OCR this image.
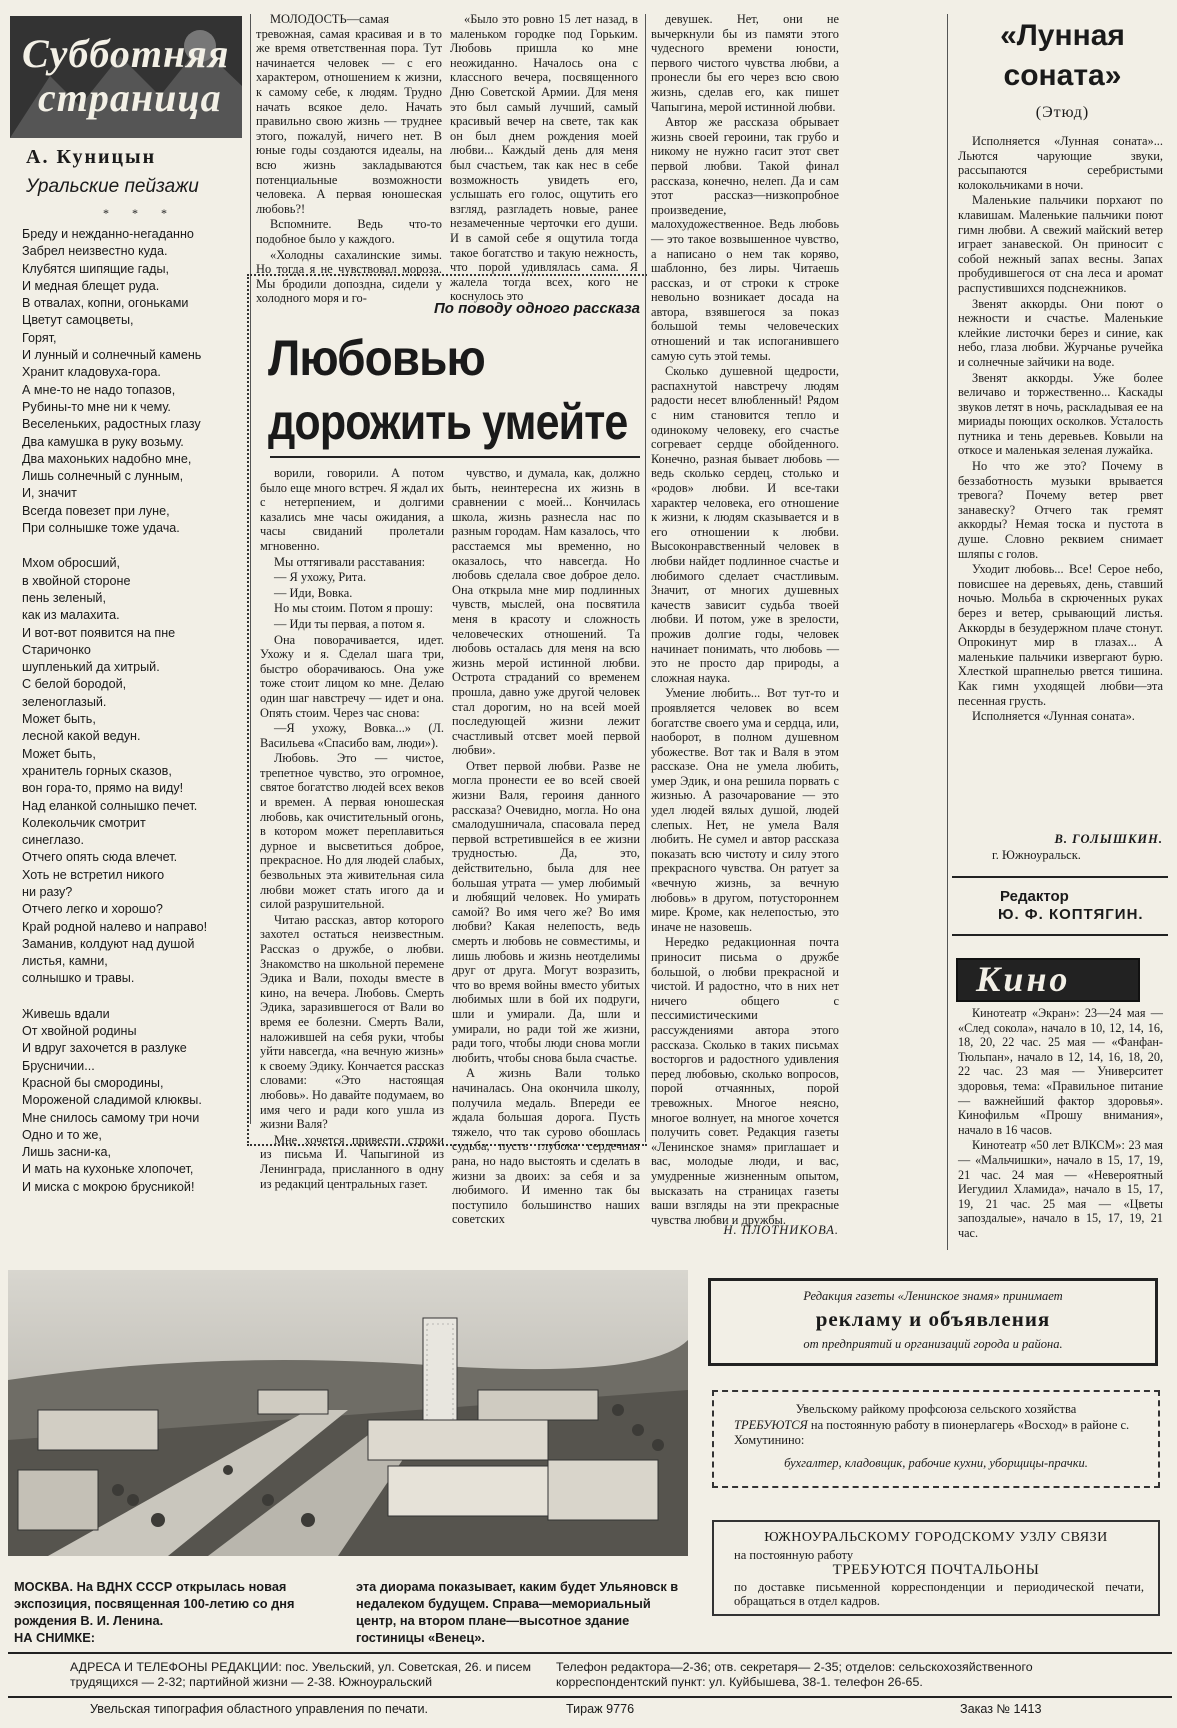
Субботняя
страница
А. Куницын
Уральские пейзажи
* * *
Бреду и нежданно-негаданно
Забрел неизвестно куда.
Клубятся шипящие гады,
И медная блещет руда.
В отвалах, копни, огоньками
Цветут самоцветы,
Горят,
И лунный и солнечный камень
Хранит кладовуха-гора.
А мне-то не надо топазов,
Рубины-то мне ни к чему.
Веселеньких, радостных глазу
Два камушка в руку возьму.
Два махоньких надобно мне,
Лишь солнечный с лунным,
И, значит
Всегда повезет при луне,
При солнышке тоже удача.
Мхом обросший,
в хвойной стороне
пень зеленый,
как из малахита.
И вот-вот появится на пне
Старичонко
шупленький да хитрый.
С белой бородой,
зеленоглазый.
Может быть,
лесной какой ведун.
Может быть,
хранитель горных сказов,
вон гора-то, прямо на виду!
Над еланкой солнышко печет.
Колекольчик смотрит
синеглазо.
Отчего опять сюда влечет.
Хоть не встретил никого
ни разу?
Отчего легко и хорошо?
Край родной налево и направо!
Заманив, колдуют над душой
листья, камни,
солнышко и травы.
Живешь вдали
От хвойной родины
И вдруг захочется в разлуке
Брусничии...
Красной бы смородины,
Мороженой сладимой клюквы.
Мне снилось самому три ночи
Одно и то же,
Лишь засни-ка,
И мать на кухоньке хлопочет,
И миска с мокрою брусникой!

МОЛОДОСТЬ—самая тревожная, самая красивая и в то же время ответственная пора. Тут начинается человек — с его характером, отношением к жизни, к самому себе, к людям. Трудно начать всякое дело. Начать правильно свою жизнь — труднее этого, пожалуй, ничего нет. В юные годы создаются идеалы, на всю жизнь закладываются потенциальные возможности человека. А первая юношеская любовь?!

Вспомните. Ведь что-то подобное было у каждого.

«Холодны сахалинские зимы. Но тогда я не чувствовал мороза. Мы бродили допоздна, сидели у холодного моря и го-

«Было это ровно 15 лет назад, в маленьком городке под Горьким. Любовь пришла ко мне неожиданно. Началось она с классного вечера, посвященного Дню Советской Армии. Для меня это был самый лучший, самый красивый вечер на свете, так как он был днем рождения моей любви... Каждый день для меня был счастьем, так как нес в себе возможность увидеть его, услышать его голос, ощутить его взгляд, разгладеть новые, ранее незамеченные черточки его души. И в самой себе я ощутила тогда такое богатство и такую нежность, что порой удивлялась сама. Я жалела тогда всех, кого не коснулось это

По поводу одного рассказа
Любовью
дорожить умейте

ворили, говорили. А потом было еще много встреч. Я ждал их с нетерпением, и долгими казались мне часы ожидания, а часы свиданий пролетали мгновенно.

Мы оттягивали расставания:

— Я ухожу, Рита.

— Иди, Вовка.

Но мы стоим. Потом я прошу:

— Иди ты первая, а потом я.

Она поворачивается, идет. Ухожу и я. Сделал шага три, быстро оборачиваюсь. Она уже тоже стоит лицом ко мне. Делаю один шаг навстречу — идет и она. Опять стоим. Через час снова:

—Я ухожу, Вовка...» (Л. Васильева «Спасибо вам, люди»).

Любовь. Это — чистое, трепетное чувство, это огромное, святое богатство людей всех веков и времен. А первая юношеская любовь, как очистительный огонь, в котором может переплавиться дурное и высветиться доброе, прекрасное. Но для людей слабых, безвольных эта живительная сила любви может стать игого да и силой разрушительной.

Читаю рассказ, автор которого захотел остаться неизвестным. Рассказ о дружбе, о любви. Знакомство на школьной перемене Эдика и Вали, походы вместе в кино, на вечера. Любовь. Смерть Эдика, заразившегося от Вали во время ее болезни. Смерть Вали, наложившей на себя руки, чтобы уйти навсегда, «на вечную жизнь» к своему Эдику. Кончается рассказ словами: «Это настоящая любовь». Но давайте подумаем, во имя чего и ради кого ушла из жизни Валя?

Мне хочется привести строки из письма И. Чапыгиной из Ленинграда, присланного в одну из редакций центральных газет.

чувство, и думала, как, должно быть, неинтересна их жизнь в сравнении с моей... Кончилась школа, жизнь разнесла нас по разным городам. Нам казалось, что расстаемся мы временно, но оказалось, что навсегда. Но любовь сделала свое доброе дело. Она открыла мне мир подлинных чувств, мыслей, она посвятила меня в красоту и сложность человеческих отношений. Та любовь осталась для меня на всю жизнь мерой истинной любви. Острота страданий со временем прошла, давно уже другой человек стал дорогим, но на всей моей последующей жизни лежит счастливый отсвет моей первой любви».

Ответ первой любви. Разве не могла пронести ее во всей своей жизни Валя, героиня данного рассказа? Очевидно, могла. Но она смалодушничала, спасовала перед первой встретившейся в ее жизни трудностью. Да, это, действительно, была для нее большая утрата — умер любимый и любящий человек. Но умирать самой? Во имя чего же? Во имя любви? Какая нелепость, ведь смерть и любовь не совместимы, и лишь любовь и жизнь неотделимы друг от друга. Могут возразить, что во время войны вместо убитых любимых шли в бой их подруги, шли и умирали. Да, шли и умирали, но ради той же жизни, ради того, чтобы люди снова могли любить, чтобы снова была счастье.

А жизнь Вали только начиналась. Она окончила школу, получила медаль. Впереди ее ждала большая дорога. Пусть тяжело, что так сурово обошлась судьба, пусть глубока сердечная рана, но надо выстоять и сделать в жизни за двоих: за себя и за любимого. И именно так бы поступило большинство наших советских

девушек. Нет, они не вычеркнули бы из памяти этого чудесного времени юности, первого чистого чувства любви, а пронесли бы его через всю свою жизнь, сделав его, как пишет Чапыгина, мерой истинной любви.

Автор же рассказа обрывает жизнь своей героини, так грубо и никому не нужно гасит этот свет первой любви. Такой финал рассказа, конечно, нелеп. Да и сам этот рассказ—низкопробное произведение, малохудожественное. Ведь любовь — это такое возвышенное чувство, а написано о нем так коряво, шаблонно, без лиры. Читаешь рассказ, и от строки к строке невольно возникает досада на автора, взявшегося за показ большой темы человеческих отношений и так испоганившего самую суть этой темы.

Сколько душевной щедрости, распахнутой навстречу людям радости несет влюбленный! Рядом с ним становится тепло и одинокому человеку, его счастье согревает сердце обойденного. Конечно, разная бывает любовь — ведь сколько сердец, столько и «родов» любви. И все-таки характер человека, его отношение к жизни, к людям сказывается и в его отношении к любви. Высоконравственный человек в любви найдет подлинное счастье и любимого сделает счастливым. Значит, от многих душевных качеств зависит судьба твоей любви. И потом, уже в зрелости, прожив долгие годы, человек начинает понимать, что любовь — это не просто дар природы, а сложная наука.

Умение любить... Вот тут-то и проявляется человек во всем богатстве своего ума и сердца, или, наоборот, в полном душевном убожестве. Вот так и Валя в этом рассказе. Она не умела любить, умер Эдик, и она решила порвать с жизнью. А разочарование — это удел людей вялых душой, людей слепых. Нет, не умела Валя любить. Не сумел и автор рассказа показать всю чистоту и силу этого прекрасного чувства. Он ратует за «вечную жизнь, за вечную любовь» в другом, потустороннем мире. Кроме, как нелепостью, это иначе не назовешь.

Нередко редакционная почта приносит письма о дружбе большой, о любви прекрасной и чистой. И радостно, что в них нет ничего общего с пессимистическими рассуждениями автора этого рассказа. Сколько в таких письмах восторгов и радостного удивления перед любовью, сколько вопросов, порой отчаянных, порой тревожных. Многое неясно, многое волнует, на многое хочется получить совет. Редакция газеты «Ленинское знамя» приглашает и вас, молодые люди, и вас, умудренные жизненным опытом, высказать на страницах газеты ваши взгляды на эти прекрасные чувства любви и дружбы.

Н. ПЛОТНИКОВА.
«Лунная
соната»
(Этюд)

Исполняется «Лунная соната»... Льются чарующие звуки, рассыпаются серебристыми колокольчиками в ночи.

Маленькие пальчики порхают по клавишам. Маленькие пальчики поют гимн любви. А свежий майский ветер играет занавеской. Он приносит с собой нежный запах весны. Запах пробудившегося от сна леса и аромат распустившихся подснежников.

Звенят аккорды. Они поют о нежности и счастье. Маленькие клейкие листочки берез и синие, как небо, глаза любви. Журчанье ручейка и солнечные зайчики на воде.

Звенят аккорды. Уже более величаво и торжественно... Каскады звуков летят в ночь, раскладывая ее на мириады поющих осколков. Усталость путника и тень деревьев. Ковыли на откосе и маленькая зеленая лужайка.

Но что же это? Почему в беззаботность музыки врывается тревога? Почему ветер рвет занавеску? Отчего так гремят аккорды? Немая тоска и пустота в душе. Словно реквием снимает шляпы с голов.

Уходит любовь... Все! Серое небо, повисшее на деревьях, день, ставший ночью. Мольба в скрюченных руках берез и ветер, срывающий листья. Аккорды в безудержном плаче стонут. Опрокинут мир в глазах... А маленькие пальчики извергают бурю. Хлесткой шрапнелью рвется тишина. Как гимн уходящей любви—эта песенная грусть.

Исполняется «Лунная соната».

В. ГОЛЫШКИН.
г. Южноуральск.
Редактор
Ю. Ф. КОПТЯГИН.
Кино

Кинотеатр «Экран»: 23—24 мая — «След сокола», начало в 10, 12, 14, 16, 18, 20, 22 час. 25 мая — «Фанфан-Тюльпан», начало в 12, 14, 16, 18, 20, 22 час. 23 мая — Университет здоровья, тема: «Правильное питание — важнейший фактор здоровья». Кинофильм «Прошу внимания», начало в 16 часов.

Кинотеатр «50 лет ВЛКСМ»: 23 мая — «Мальчишки», начало в 15, 17, 19, 21 час. 24 мая — «Невероятный Иегудиил Хламида», начало в 15, 17, 19, 21 час. 25 мая — «Цветы запоздалые», начало в 15, 17, 19, 21 час.

МОСКВА. На ВДНХ СССР открылась новая экспозиция, посвященная 100-летию со дня рождения В. И. Ленина.
НА СНИМКЕ:
эта диорама показывает, каким будет Ульяновск в недалеком будущем. Справа—мемориальный центр, на втором плане—высотное здание гостиницы «Венец».
Редакция газеты «Ленинское знамя» принимает
рекламу и объявления
от предприятий и организаций города и района.
Увельскому райкому профсоюза сельского хозяйства
ТРЕБУЮТСЯ на постоянную работу в пионерлагерь «Восход» в районе с. Хомутинино:
бухгалтер, кладовщик, рабочие кухни, уборщицы-прачки.
ЮЖНОУРАЛЬСКОМУ ГОРОДСКОМУ УЗЛУ СВЯЗИ
на постоянную работу
ТРЕБУЮТСЯ ПОЧТАЛЬОНЫ
по доставке письменной корреспонденции и периодической печати, обращаться в отдел кадров.
АДРЕСА И ТЕЛЕФОНЫ РЕДАКЦИИ: пос. Увельский, ул. Советская, 26. и писем трудящихся — 2-32; партийной жизни — 2-38. Южноуральский
Телефон редактора—2-36; отв. секретаря— 2-35; отделов: сельскохозяйственного корреспондентский пункт: ул. Куйбышева, 38-1. телефон 26-65.
Увельская типография областного управления по печати.	Тираж 9776	Заказ № 1413
